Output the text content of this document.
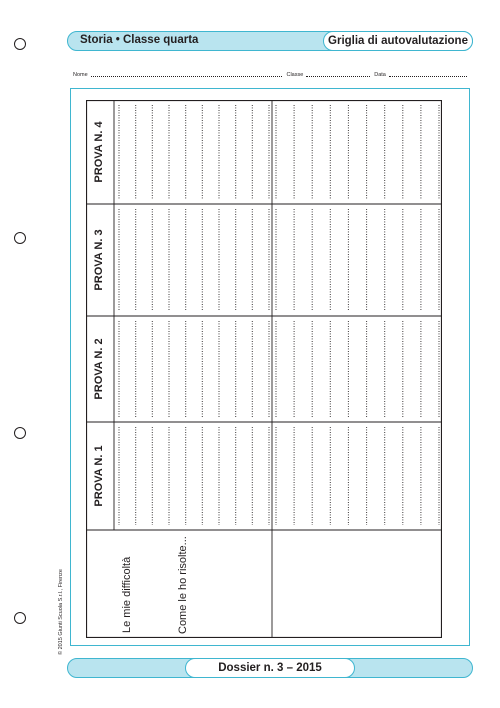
Storia • Classe quarta	Griglia di autovalutazione
Nome	Classe	Data
PROVA N. 4
PROVA N. 3
PROVA N. 2
PROVA N. 1
Le mie difficoltà	Come le ho risolte...
© 2015 Giunti Scuola S.r.l., Firenze
Dossier n. 3 – 2015
